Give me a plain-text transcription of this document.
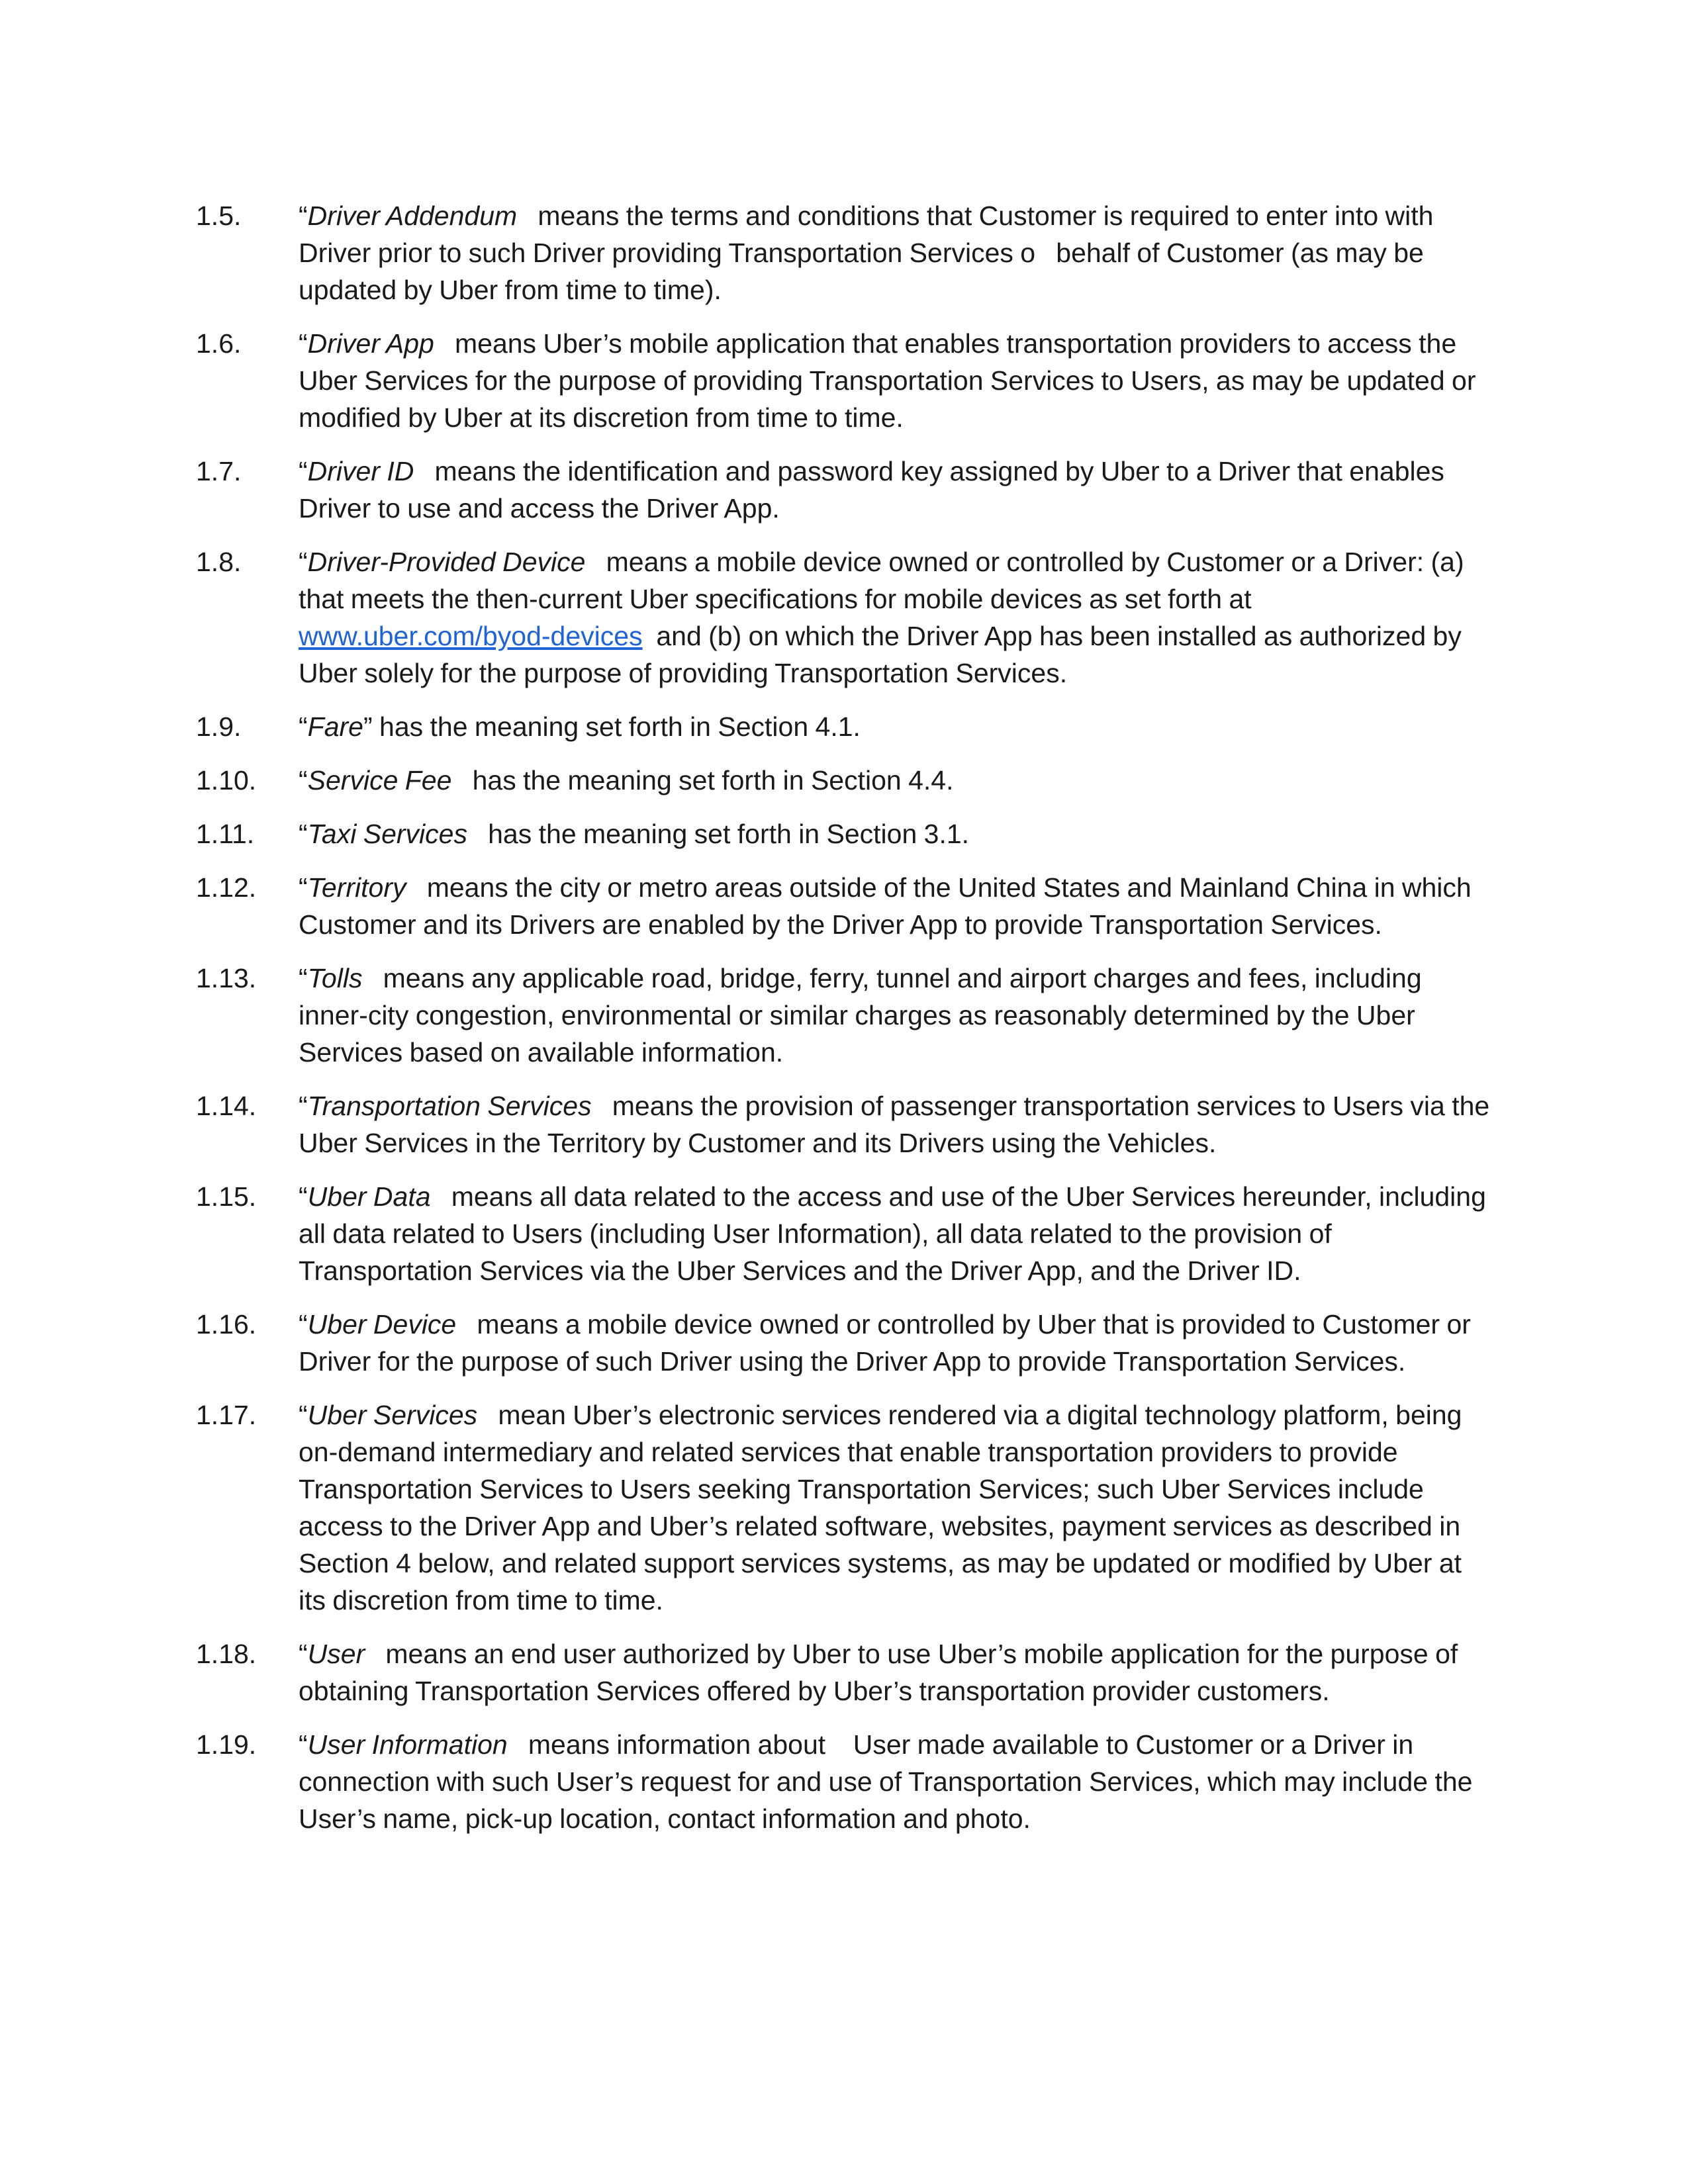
1.5.	“Driver Addendum   means the terms and conditions that Customer is required to enter into with    Driver prior to such Driver providing Transportation Services o   behalf of Customer (as may be updated by Uber from time to time).
1.6.	“Driver App   means Uber’s mobile application that enables transportation providers to access the Uber Services for the purpose of providing Transportation Services to Users, as may be updated or modified by Uber at its discretion from time to time.
1.7.	“Driver ID   means the identification and password key assigned by Uber to a Driver that enables    Driver to use and access the Driver App.
1.8.	“Driver-Provided Device   means a mobile device owned or controlled by Customer or a Driver: (a) that meets the then-current Uber specifications for mobile devices as set forth at www.uber.com/byod-devices  and (b) on which the Driver App has been installed as authorized by Uber solely for the purpose of providing Transportation Services.
1.9.	“Fare” has the meaning set forth in Section 4.1.
1.10.	“Service Fee   has the meaning set forth in Section 4.4.
1.11.	“Taxi Services   has the meaning set forth in Section 3.1.
1.12.	“Territory   means the city or metro areas outside of the United States and Mainland China in which Customer and its Drivers are enabled by the Driver App to provide Transportation Services.
1.13.	“Tolls   means any applicable road, bridge, ferry, tunnel and airport charges and fees, including inner-city congestion, environmental or similar charges as reasonably determined by the Uber Services based on available information.
1.14.	“Transportation Services   means the provision of passenger transportation services to Users via the Uber Services in the Territory by Customer and its Drivers using the Vehicles.
1.15.	“Uber Data   means all data related to the access and use of the Uber Services hereunder, including all data related to Users (including User Information), all data related to the provision of Transportation Services via the Uber Services and the Driver App, and the Driver ID.
1.16.	“Uber Device   means a mobile device owned or controlled by Uber that is provided to Customer or    Driver for the purpose of such Driver using the Driver App to provide Transportation Services.
1.17.	“Uber Services   mean Uber’s electronic services rendered via a digital technology platform, being on-demand intermediary and related services that enable transportation providers to provide Transportation Services to Users seeking Transportation Services; such Uber Services include access to the Driver App and Uber’s related software, websites, payment services as described in Section 4 below, and related support services systems, as may be updated or modified by Uber at its discretion from time to time.
1.18.	“User   means an end user authorized by Uber to use Uber’s mobile application for the purpose of obtaining Transportation Services offered by Uber’s transportation provider customers.
1.19.	“User Information   means information about    User made available to Customer or a Driver in connection with such User’s request for and use of Transportation Services, which may include the User’s name, pick-up location, contact information and photo.
